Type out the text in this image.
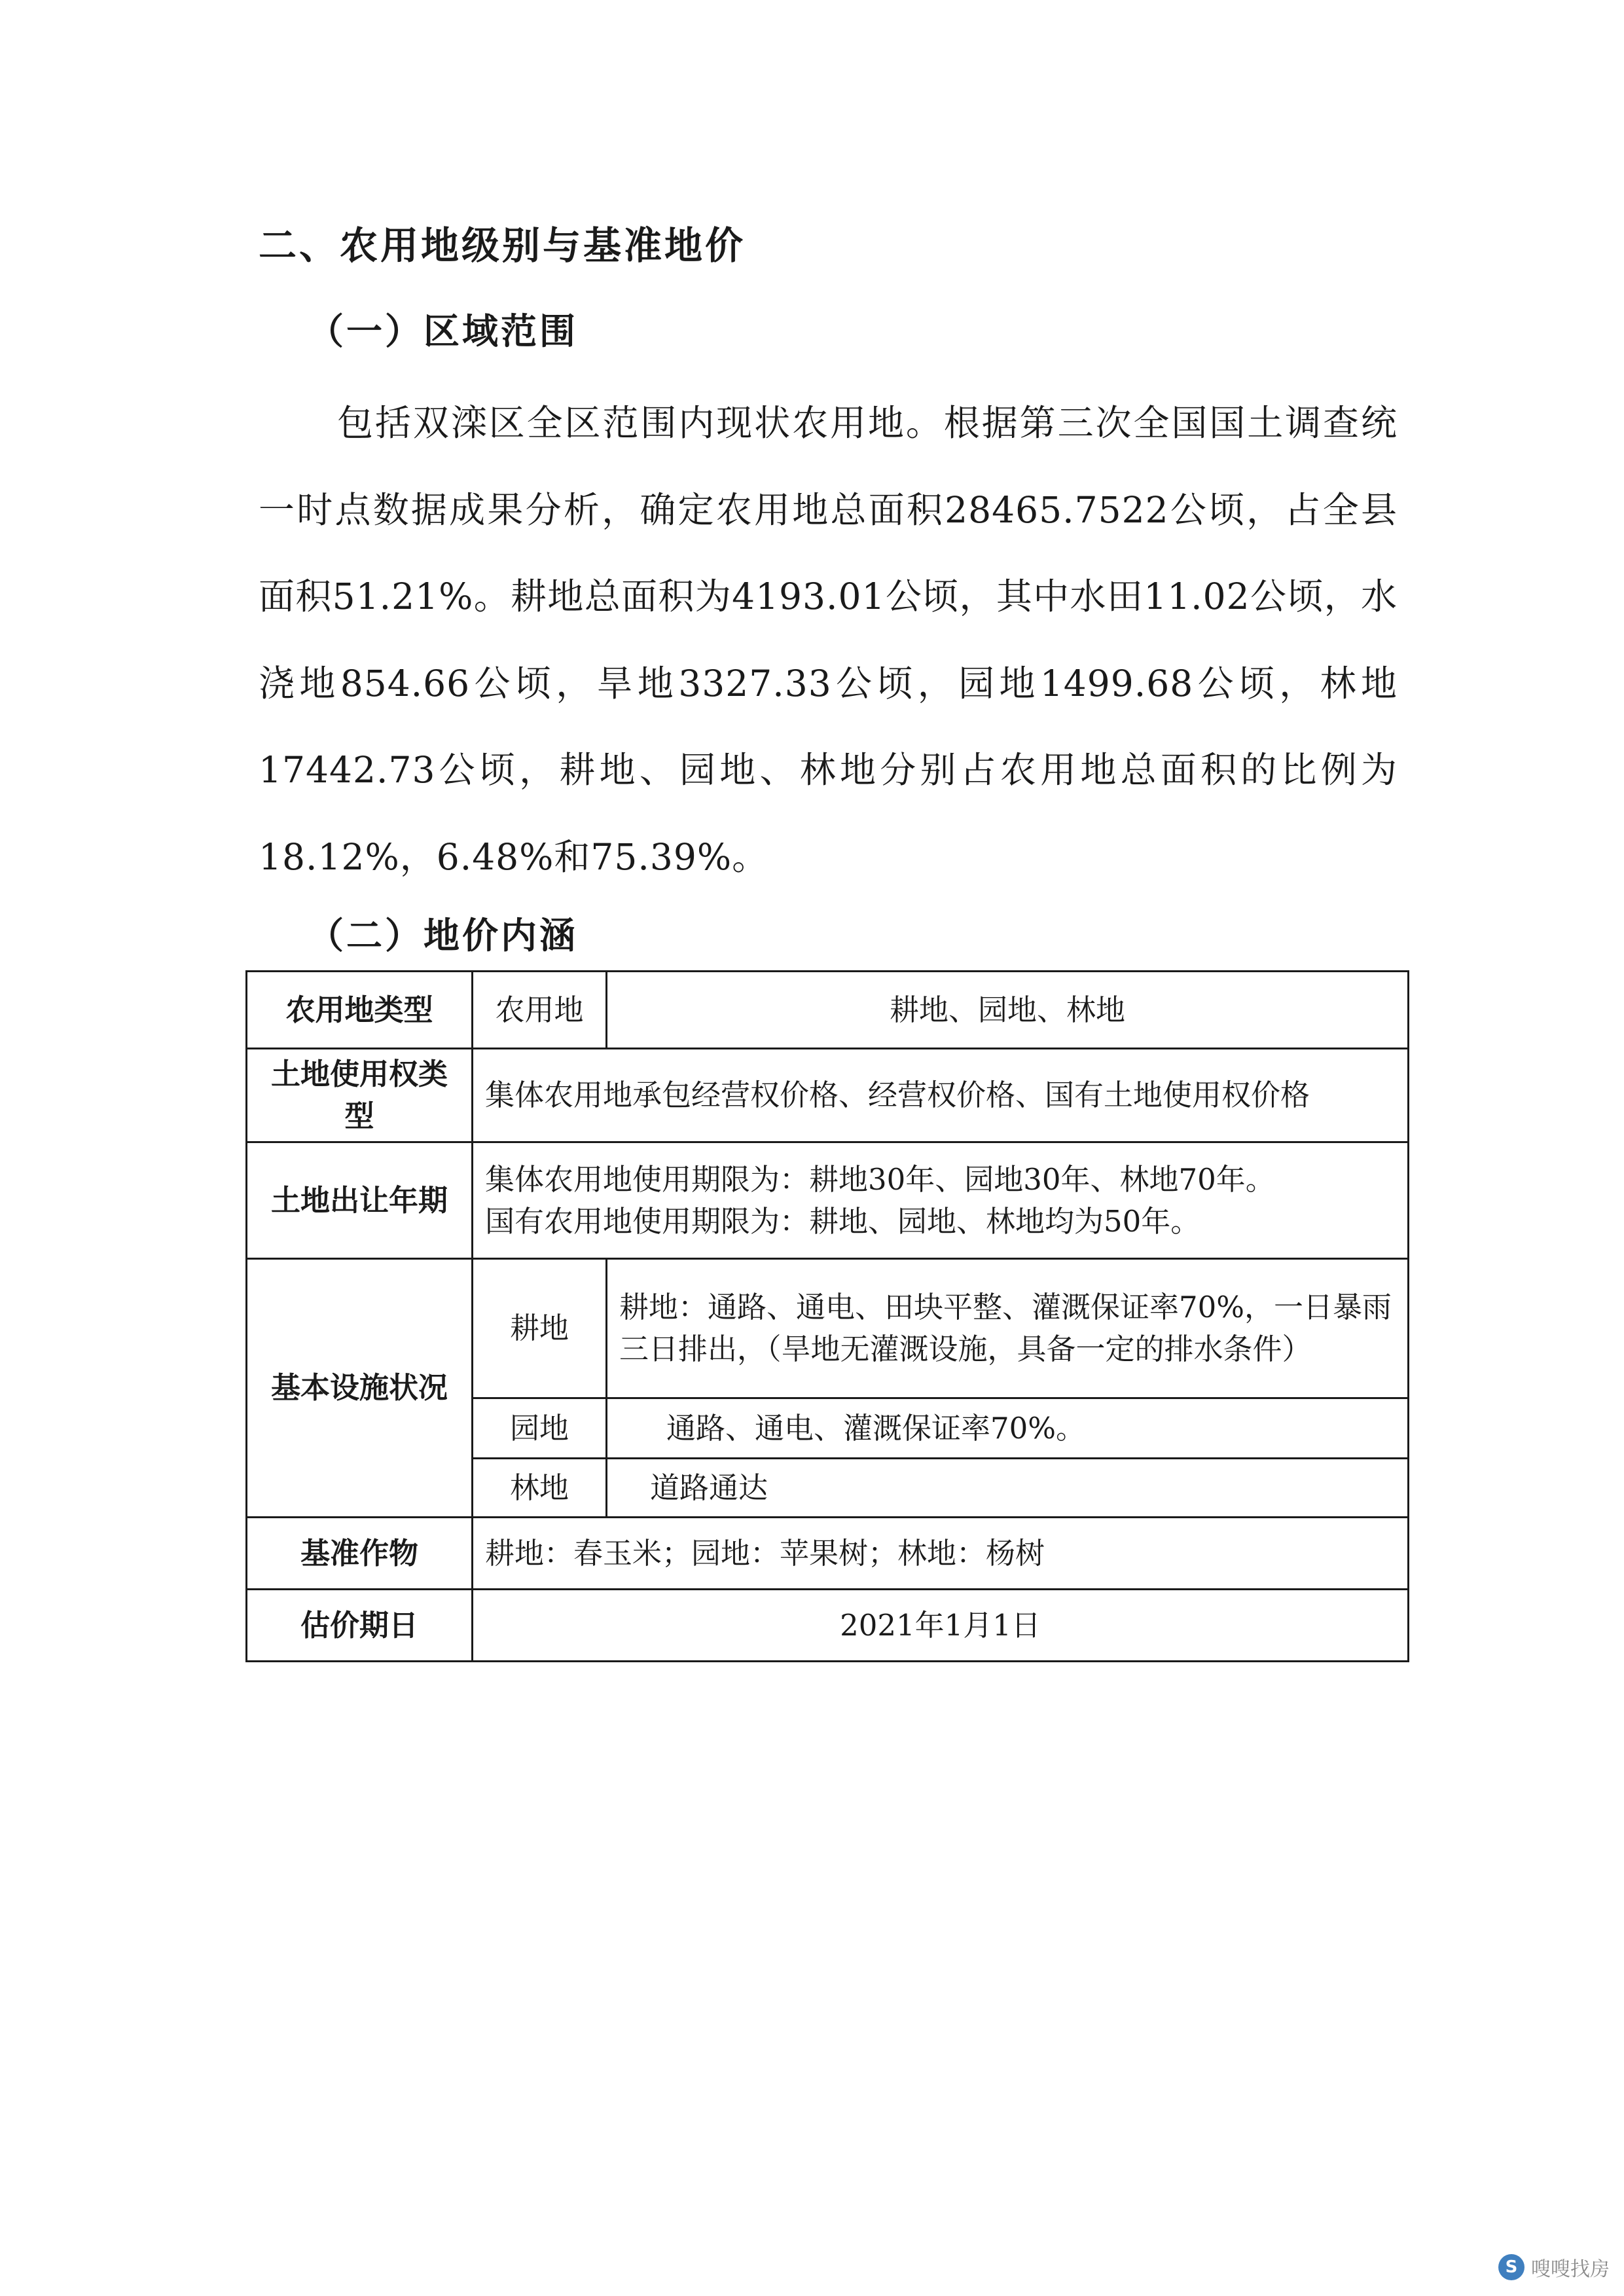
二、农用地级别与基准地价
（一）区域范围
包括双滦区全区范围内现状农用地。根据第三次全国国土调查统一时点数据成果分析，确定农用地总面积28465.7522公顷，占全县面积51.21%。耕地总面积为4193.01公顷，其中水田11.02公顷，水浇地854.66公顷，旱地3327.33公顷，园地1499.68公顷，林地17442.73公顷，耕地、园地、林地分别占农用地总面积的比例为18.12%，6.48%和75.39%。
（二）地价内涵
农用地类型	农用地	耕地、园地、林地
土地使用权类型	集体农用地承包经营权价格、经营权价格、国有土地使用权价格	
土地出让年期	集体农用地使用期限为：耕地30年、园地30年、林地70年。
国有农用地使用期限为：耕地、园地、林地均为50年。	

基本设施状况	耕地	耕地：通路、通电、田块平整、灌溉保证率70%，一日暴雨三日排出，（旱地无灌溉设施，具备一定的排水条件）
	园地	通路、通电、灌溉保证率70%。
	林地	道路通达
基准作物	耕地：春玉米；园地：苹果树；林地：杨树	
估价期日	2021年1月1日	
S 嗖嗖找房
